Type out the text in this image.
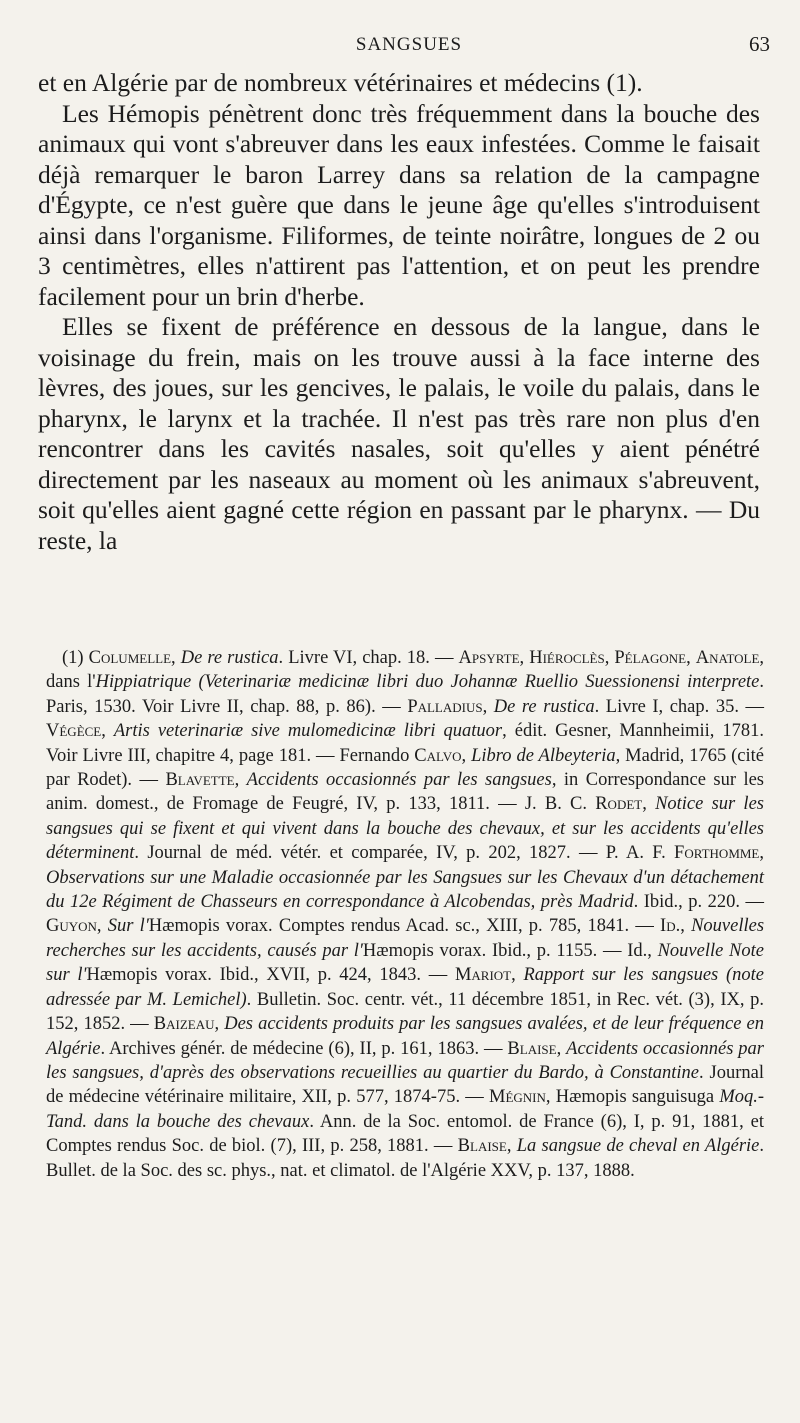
SANGSUES	63

et en Algérie par de nombreux vétérinaires et médecins (1).

Les Hémopis pénètrent donc très fréquemment dans la bouche des animaux qui vont s'abreuver dans les eaux infestées. Comme le faisait déjà remarquer le baron Larrey dans sa relation de la campagne d'Égypte, ce n'est guère que dans le jeune âge qu'elles s'introduisent ainsi dans l'organisme. Filiformes, de teinte noirâtre, longues de 2 ou 3 centimètres, elles n'attirent pas l'attention, et on peut les prendre facilement pour un brin d'herbe.

Elles se fixent de préférence en dessous de la langue, dans le voisinage du frein, mais on les trouve aussi à la face interne des lèvres, des joues, sur les gencives, le palais, le voile du palais, dans le pharynx, le larynx et la trachée. Il n'est pas très rare non plus d'en rencontrer dans les cavités nasales, soit qu'elles y aient pénétré directement par les naseaux au moment où les animaux s'abreuvent, soit qu'elles aient gagné cette région en passant par le pharynx. — Du reste, la

(1) Columelle, De re rustica. Livre VI, chap. 18. — Apsyrte, Hiéroclès, Pélagone, Anatole, dans l'Hippiatrique (Veterinariæ medicinæ libri duo Johannæ Ruellio Suessionensi interprete. Paris, 1530. Voir Livre II, chap. 88, p. 86). — Palladius, De re rustica. Livre I, chap. 35. — Végèce, Artis veterinariæ sive mulomedicinæ libri quatuor, édit. Gesner, Mannheimii, 1781. Voir Livre III, chapitre 4, page 181. — Fernando Calvo, Libro de Albeyteria, Madrid, 1765 (cité par Rodet). — Blavette, Accidents occasionnés par les sangsues, in Correspondance sur les anim. domest., de Fromage de Feugré, IV, p. 133, 1811. — J. B. C. Rodet, Notice sur les sangsues qui se fixent et qui vivent dans la bouche des chevaux, et sur les accidents qu'elles déterminent. Journal de méd. vétér. et comparée, IV, p. 202, 1827. — P. A. F. Forthomme, Observations sur une Maladie occasionnée par les Sangsues sur les Chevaux d'un détachement du 12e Régiment de Chasseurs en correspondance à Alcobendas, près Madrid. Ibid., p. 220. — Guyon, Sur l'Hæmopis vorax. Comptes rendus Acad. sc., XIII, p. 785, 1841. — Id., Nouvelles recherches sur les accidents, causés par l'Hæmopis vorax. Ibid., p. 1155. — Id., Nouvelle Note sur l'Hæmopis vorax. Ibid., XVII, p. 424, 1843. — Mariot, Rapport sur les sangsues (note adressée par M. Lemichel). Bulletin. Soc. centr. vét., 11 décembre 1851, in Rec. vét. (3), IX, p. 152, 1852. — Baizeau, Des accidents produits par les sangsues avalées, et de leur fréquence en Algérie. Archives génér. de médecine (6), II, p. 161, 1863. — Blaise, Accidents occasionnés par les sangsues, d'après des observations recueillies au quartier du Bardo, à Constantine. Journal de médecine vétérinaire militaire, XII, p. 577, 1874-75. — Mégnin, Hæmopis sanguisuga Moq.-Tand. dans la bouche des chevaux. Ann. de la Soc. entomol. de France (6), I, p. 91, 1881, et Comptes rendus Soc. de biol. (7), III, p. 258, 1881. — Blaise, La sangsue de cheval en Algérie. Bullet. de la Soc. des sc. phys., nat. et climatol. de l'Algérie XXV, p. 137, 1888.
